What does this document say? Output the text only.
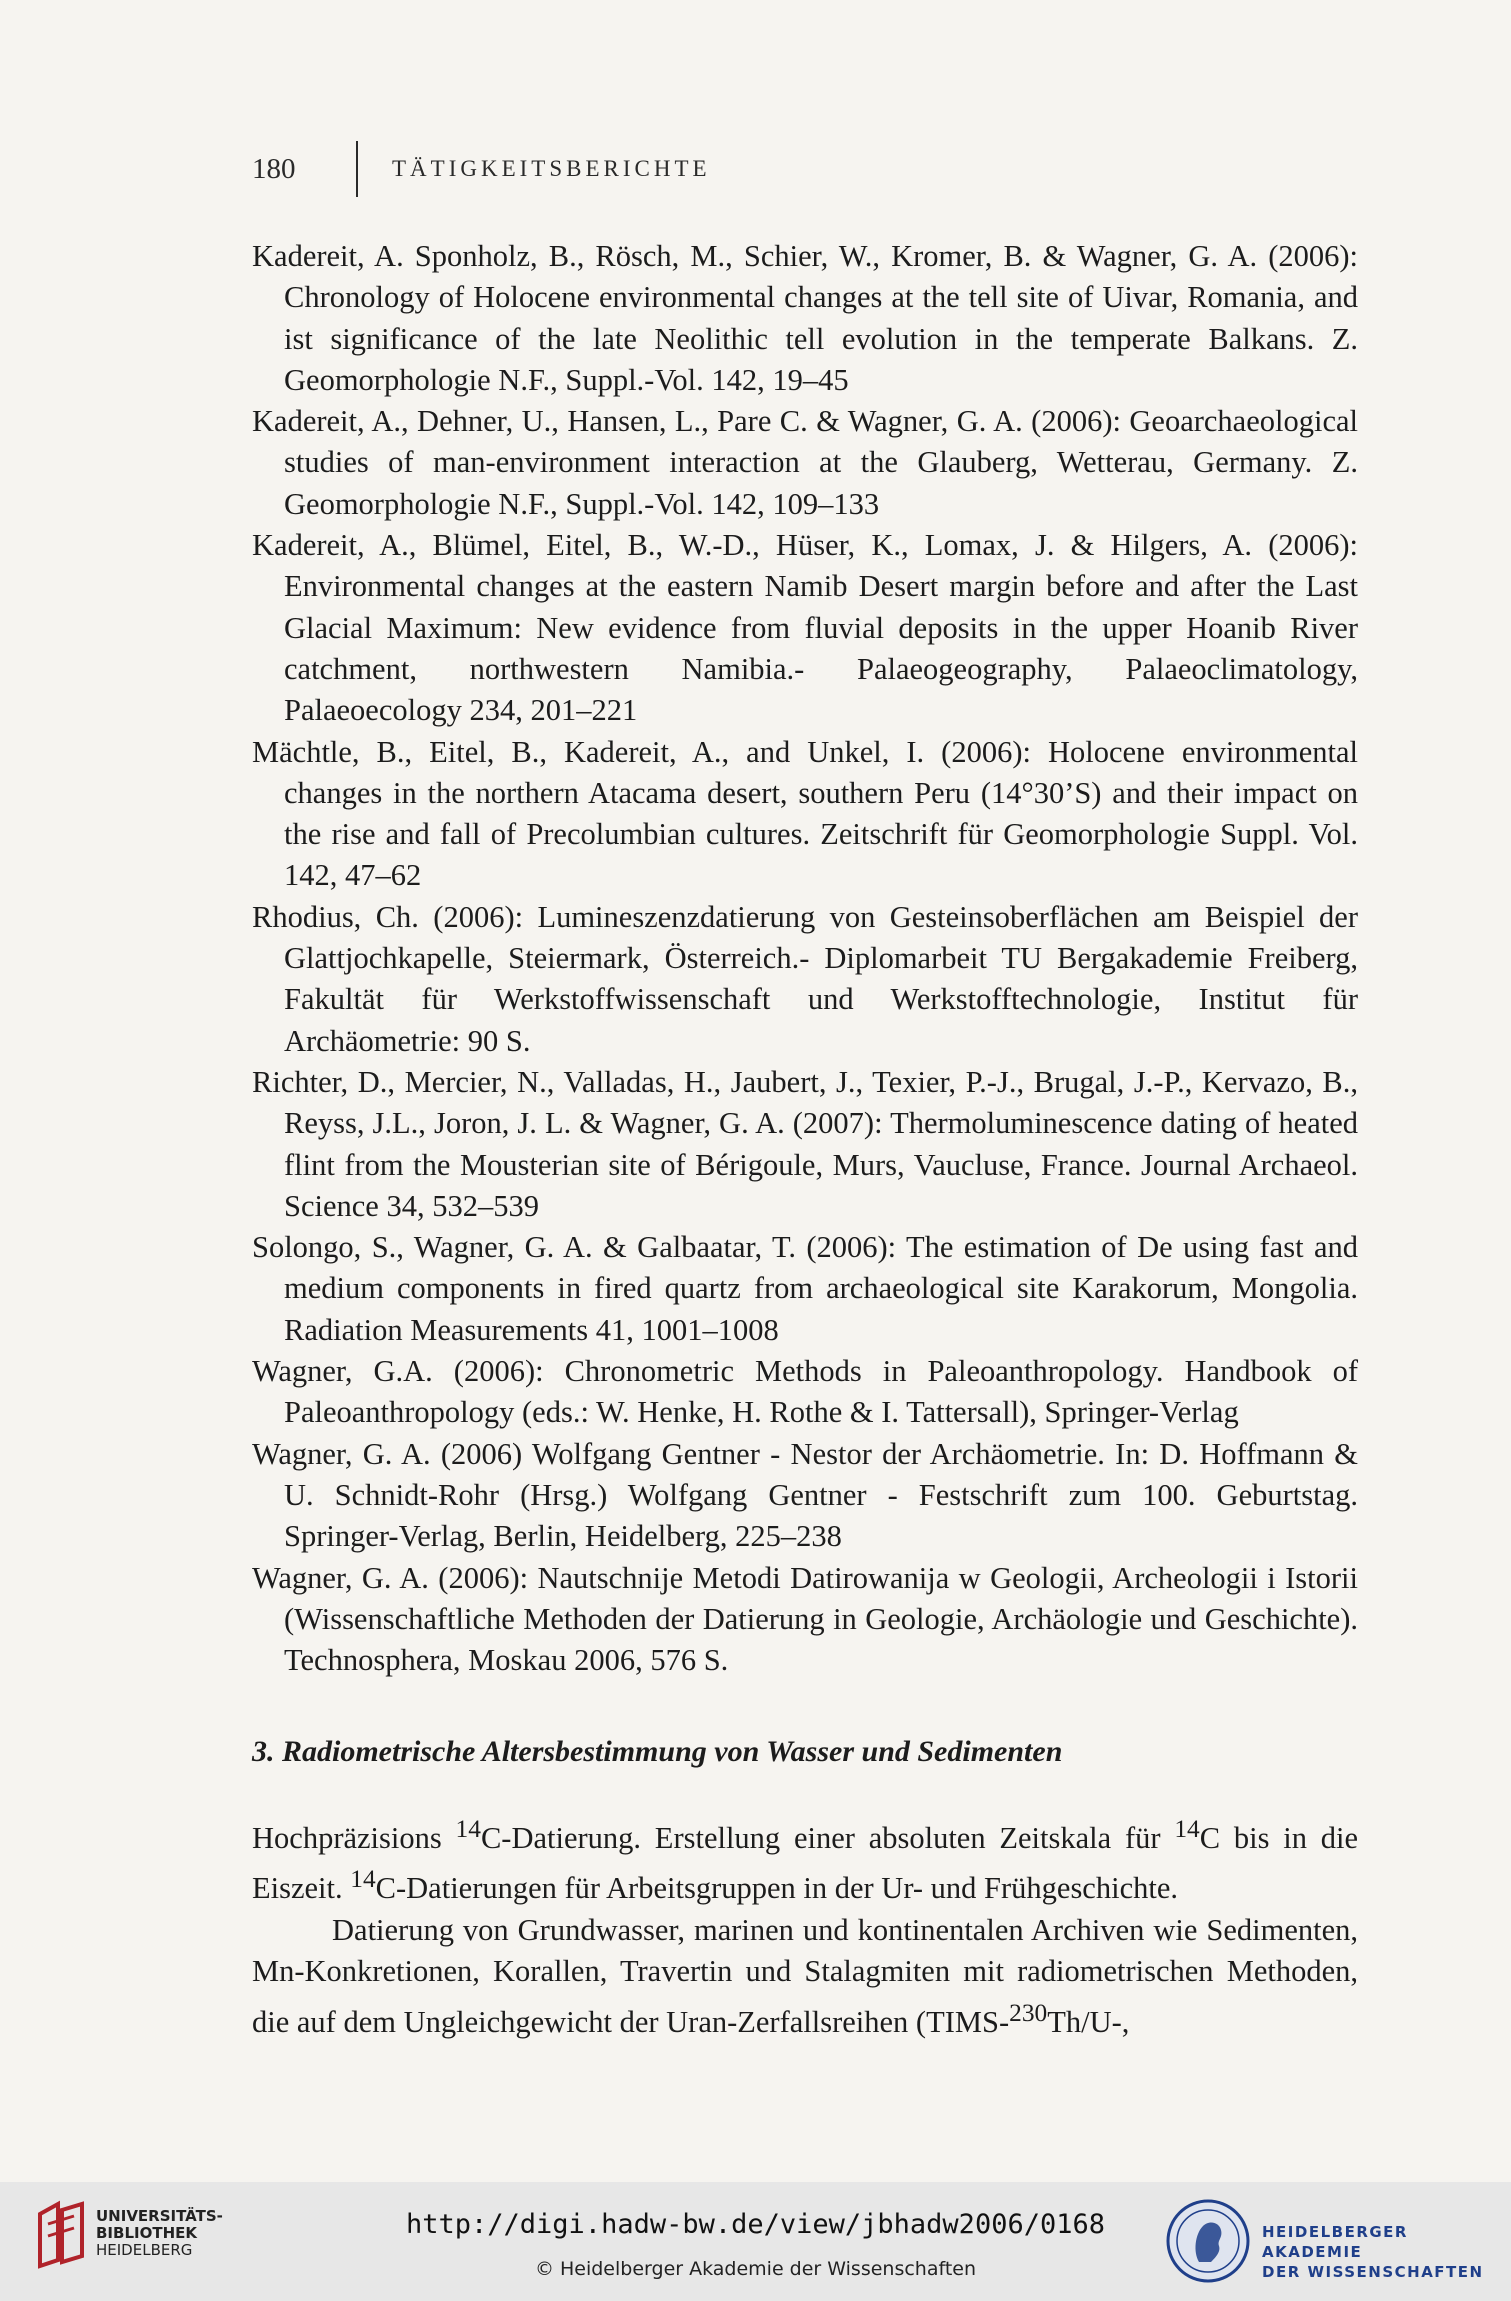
180	TÄTIGKEITSBERICHTE

Kadereit, A. Sponholz, B., Rösch, M., Schier, W., Kromer, B. & Wagner, G. A. (2006): Chronology of Holocene environmental changes at the tell site of Uivar, Romania, and ist significance of the late Neolithic tell evolution in the temperate Balkans. Z. Geomorphologie N.F., Suppl.-Vol. 142, 19–45

Kadereit, A., Dehner, U., Hansen, L., Pare C. & Wagner, G. A. (2006): Geoarchaeological studies of man-environment interaction at the Glauberg, Wetterau, Germany. Z. Geomorphologie N.F., Suppl.-Vol. 142, 109–133

Kadereit, A., Blümel, Eitel, B., W.-D., Hüser, K., Lomax, J. & Hilgers, A. (2006): Environmental changes at the eastern Namib Desert margin before and after the Last Glacial Maximum: New evidence from fluvial deposits in the upper Hoanib River catchment, northwestern Namibia.- Palaeogeography, Palaeoclimatology, Palaeoecology 234, 201–221

Mächtle, B., Eitel, B., Kadereit, A., and Unkel, I. (2006): Holocene environmental changes in the northern Atacama desert, southern Peru (14°30’S) and their impact on the rise and fall of Precolumbian cultures. Zeitschrift für Geomorphologie Suppl. Vol. 142, 47–62

Rhodius, Ch. (2006): Lumineszenzdatierung von Gesteinsoberflächen am Beispiel der Glattjochkapelle, Steiermark, Österreich.- Diplomarbeit TU Bergakademie Freiberg, Fakultät für Werkstoffwissenschaft und Werkstofftechnologie, Institut für Archäometrie: 90 S.

Richter, D., Mercier, N., Valladas, H., Jaubert, J., Texier, P.-J., Brugal, J.-P., Kervazo, B., Reyss, J.L., Joron, J. L. & Wagner, G. A. (2007): Thermoluminescence dating of heated flint from the Mousterian site of Bérigoule, Murs, Vaucluse, France. Journal Archaeol. Science 34, 532–539

Solongo, S., Wagner, G. A. & Galbaatar, T. (2006): The estimation of De using fast and medium components in fired quartz from archaeological site Karakorum, Mongolia. Radiation Measurements 41, 1001–1008

Wagner, G.A. (2006): Chronometric Methods in Paleoanthropology. Handbook of Paleoanthropology (eds.: W. Henke, H. Rothe & I. Tattersall), Springer-Verlag

Wagner, G. A. (2006) Wolfgang Gentner - Nestor der Archäometrie. In: D. Hoffmann & U. Schnidt-Rohr (Hrsg.) Wolfgang Gentner - Festschrift zum 100. Geburtstag. Springer-Verlag, Berlin, Heidelberg, 225–238

Wagner, G. A. (2006): Nautschnije Metodi Datirowanija w Geologii, Archeologii i Istorii (Wissenschaftliche Methoden der Datierung in Geologie, Archäologie und Geschichte). Technosphera, Moskau 2006, 576 S.

3. Radiometrische Altersbestimmung von Wasser und Sedimenten

Hochpräzisions $^{14}$C-Datierung. Erstellung einer absoluten Zeitskala für $^{14}$C bis in die Eiszeit. $^{14}$C-Datierungen für Arbeitsgruppen in der Ur- und Frühgeschichte.

Datierung von Grundwasser, marinen und kontinentalen Archiven wie Sedimenten, Mn-Konkretionen, Korallen, Travertin und Stalagmiten mit radiometrischen Methoden, die auf dem Ungleichgewicht der Uran-Zerfallsreihen (TIMS-$^{230}$Th/U-,

UNIVERSITÄTS-
BIBLIOTHEK
HEIDELBERG
http://digi.hadw-bw.de/view/jbhadw2006/0168
© Heidelberger Akademie der Wissenschaften
HEIDELBERGER AKADEMIE
DER WISSENSCHAFTEN
